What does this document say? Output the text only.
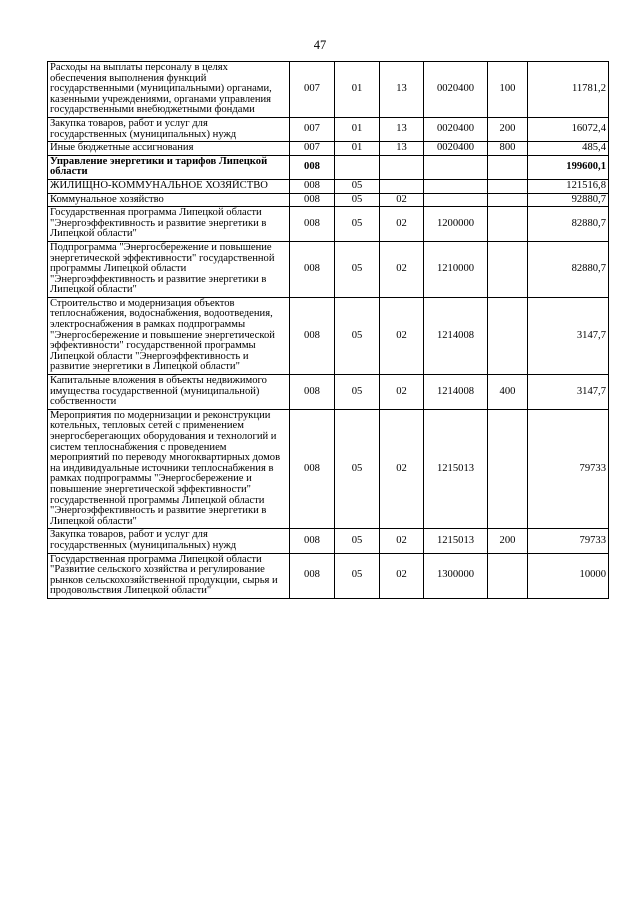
47
Расходы на выплаты персоналу в целях обеспечения выполнения функций государственными (муниципальными) органами, казенными учреждениями, органами управления государственными внебюджетными фондами	007	01	13	0020400	100	11781,2
Закупка товаров, работ и услуг для государственных (муниципальных) нужд	007	01	13	0020400	200	16072,4
Иные бюджетные ассигнования	007	01	13	0020400	800	485,4
Управление энергетики и тарифов Липецкой области	008					199600,1
ЖИЛИЩНО-КОММУНАЛЬНОЕ ХОЗЯЙСТВО	008	05				121516,8
Коммунальное хозяйство	008	05	02			92880,7
Государственная программа Липецкой области "Энергоэффективность и развитие энергетики в Липецкой области"	008	05	02	1200000		82880,7
Подпрограмма "Энергосбережение и повышение энергетической эффективности" государственной программы Липецкой области "Энергоэффективность и развитие энергетики в Липецкой области"	008	05	02	1210000		82880,7
Строительство и модернизация объектов теплоснабжения, водоснабжения, водоотведения, электроснабжения в рамках подпрограммы "Энергосбережение и повышение энергетической эффективности" государственной программы Липецкой области "Энергоэффективность и развитие энергетики в Липецкой области"	008	05	02	1214008		3147,7
Капитальные вложения в объекты недвижимого имущества государственной (муниципальной) собственности	008	05	02	1214008	400	3147,7
Мероприятия по модернизации и реконструкции котельных, тепловых сетей с применением энергосберегающих оборудования и технологий и систем теплоснабжения с проведением мероприятий по переводу многоквартирных домов на индивидуальные источники теплоснабжения в рамках подпрограммы "Энергосбережение и повышение энергетической эффективности" государственной программы Липецкой области "Энергоэффективность и развитие энергетики в Липецкой области"	008	05	02	1215013		79733
Закупка товаров, работ и услуг для государственных (муниципальных) нужд	008	05	02	1215013	200	79733
Государственная программа Липецкой области "Развитие сельского хозяйства и регулирование рынков сельскохозяйственной продукции, сырья и продовольствия Липецкой области"	008	05	02	1300000		10000
